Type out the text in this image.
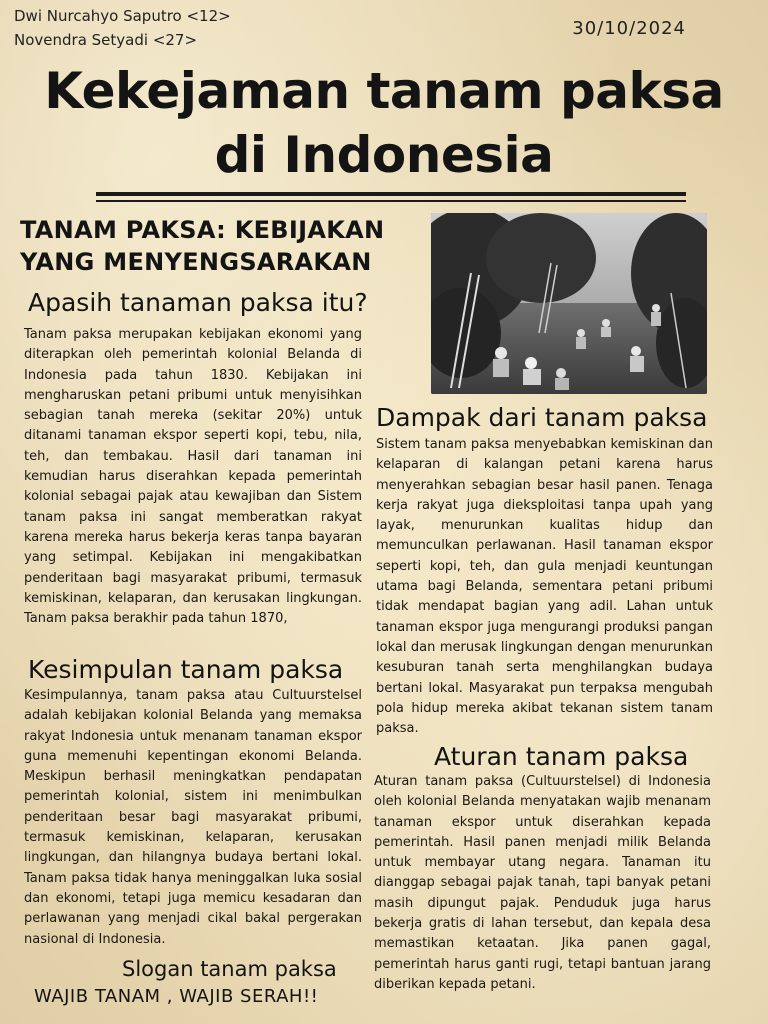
Dwi Nurcahyo Saputro <12>
Novendra Setyadi <27>
30/10/2024
Kekejaman tanam paksa
di Indonesia
TANAM PAKSA: KEBIJAKAN
YANG MENYENGSARAKAN
Apasih tanaman paksa itu?
Tanam paksa merupakan kebijakan ekonomi yang diterapkan oleh pemerintah kolonial Belanda di Indonesia pada tahun 1830. Kebijakan ini mengharuskan petani pribumi untuk menyisihkan sebagian tanah mereka (sekitar 20%) untuk ditanami tanaman ekspor seperti kopi, tebu, nila, teh, dan tembakau. Hasil dari tanaman ini kemudian harus diserahkan kepada pemerintah kolonial sebagai pajak atau kewajiban dan Sistem tanam paksa ini sangat memberatkan rakyat karena mereka harus bekerja keras tanpa bayaran yang setimpal. Kebijakan ini mengakibatkan penderitaan bagi masyarakat pribumi, termasuk kemiskinan, kelaparan, dan kerusakan lingkungan. Tanam paksa berakhir pada tahun 1870,
Kesimpulan tanam paksa
Kesimpulannya, tanam paksa atau Cultuurstelsel adalah kebijakan kolonial Belanda yang memaksa rakyat Indonesia untuk menanam tanaman ekspor guna memenuhi kepentingan ekonomi Belanda. Meskipun berhasil meningkatkan pendapatan pemerintah kolonial, sistem ini menimbulkan penderitaan besar bagi masyarakat pribumi, termasuk kemiskinan, kelaparan, kerusakan lingkungan, dan hilangnya budaya bertani lokal. Tanam paksa tidak hanya meninggalkan luka sosial dan ekonomi, tetapi juga memicu kesadaran dan perlawanan yang menjadi cikal bakal pergerakan nasional di Indonesia.
Dampak dari tanam paksa
Sistem tanam paksa menyebabkan kemiskinan dan kelaparan di kalangan petani karena harus menyerahkan sebagian besar hasil panen. Tenaga kerja rakyat juga dieksploitasi tanpa upah yang layak, menurunkan kualitas hidup dan memunculkan perlawanan. Hasil tanaman ekspor seperti kopi, teh, dan gula menjadi keuntungan utama bagi Belanda, sementara petani pribumi tidak mendapat bagian yang adil. Lahan untuk tanaman ekspor juga mengurangi produksi pangan lokal dan merusak lingkungan dengan menurunkan kesuburan tanah serta menghilangkan budaya bertani lokal. Masyarakat pun terpaksa mengubah pola hidup mereka akibat tekanan sistem tanam paksa.
Aturan tanam paksa
Aturan tanam paksa (Cultuurstelsel) di Indonesia oleh kolonial Belanda menyatakan wajib menanam tanaman ekspor untuk diserahkan kepada pemerintah. Hasil panen menjadi milik Belanda untuk membayar utang negara. Tanaman itu dianggap sebagai pajak tanah, tapi banyak petani masih dipungut pajak. Penduduk juga harus bekerja gratis di lahan tersebut, dan kepala desa memastikan ketaatan. Jika panen gagal, pemerintah harus ganti rugi, tetapi bantuan jarang diberikan kepada petani.
Slogan tanam paksa
WAJIB TANAM , WAJIB SERAH!!
